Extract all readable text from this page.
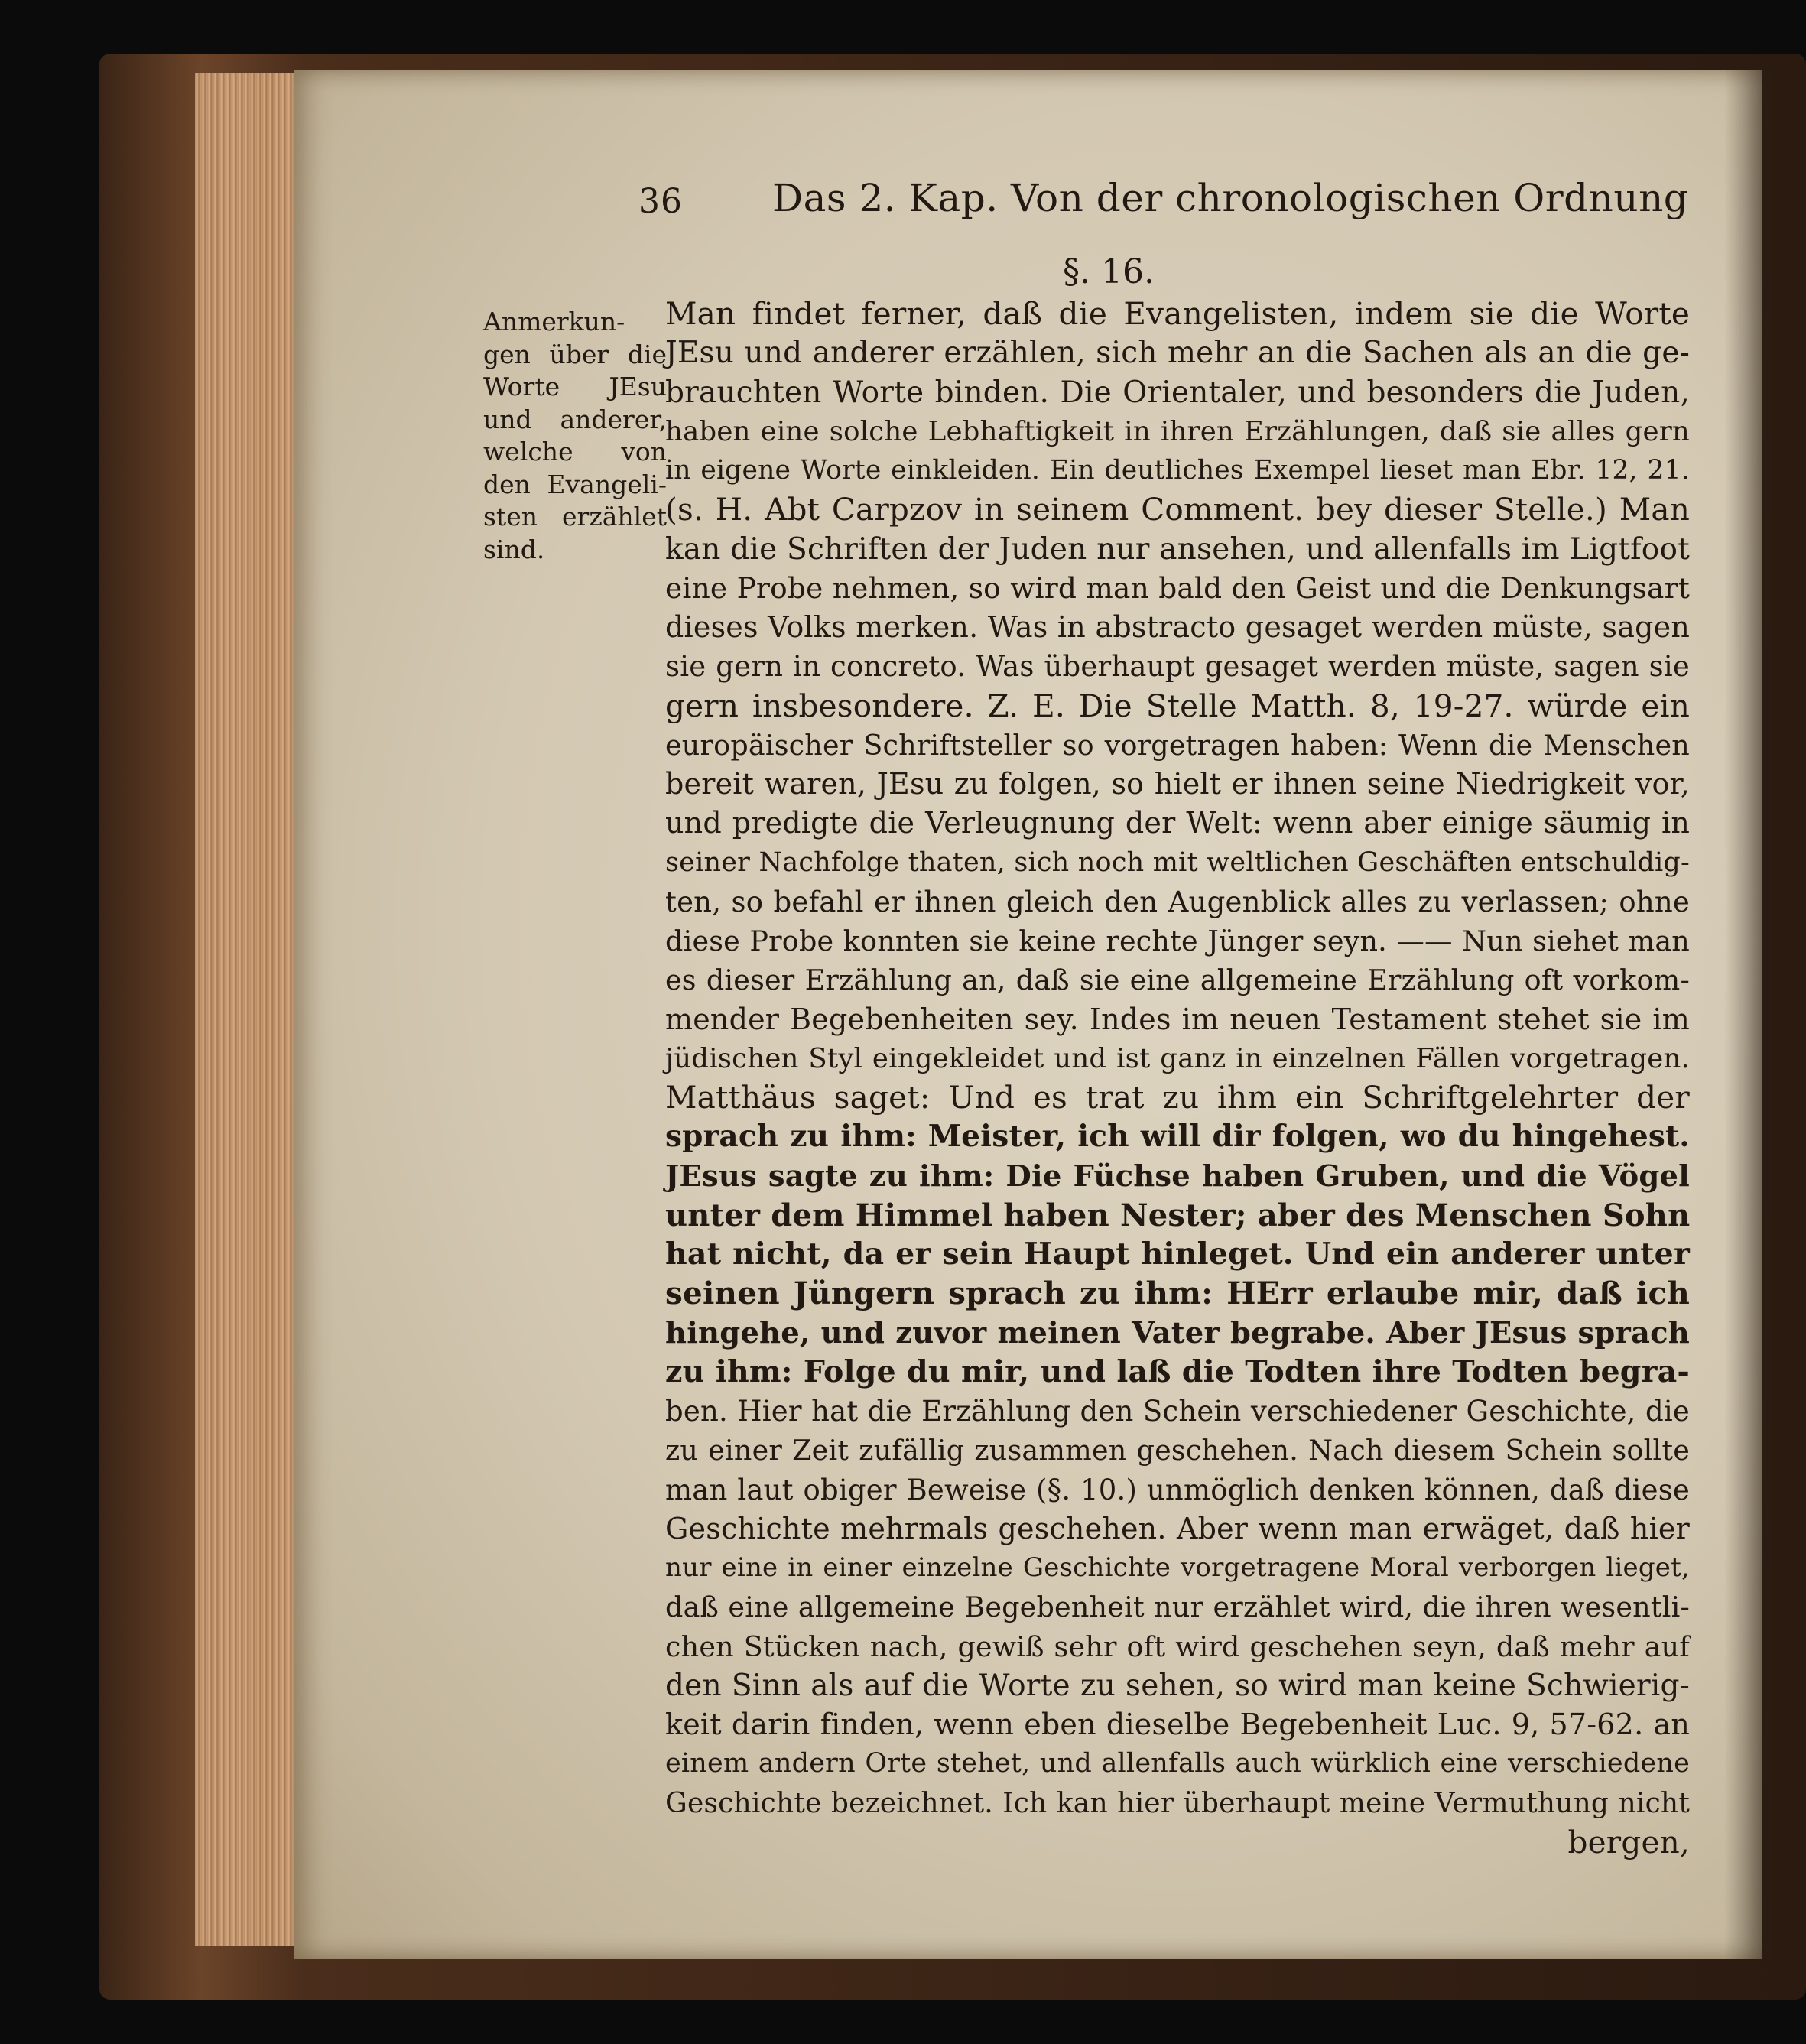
36 Das 2. Kap. Von der chronologischen Ordnung
§. 16.
Anmerkun-
gen über die
Worte JEsu
und anderer,
welche von
den Evangeli-
sten erzählet
sind.
Man findet ferner, daß die Evangelisten, indem sie die Worte
JEsu und anderer erzählen, sich mehr an die Sachen als an die ge-
brauchten Worte binden. Die Orientaler, und besonders die Juden,
haben eine solche Lebhaftigkeit in ihren Erzählungen, daß sie alles gern
in eigene Worte einkleiden. Ein deutliches Exempel lieset man Ebr. 12, 21.
(s. H. Abt Carpzov in seinem Comment. bey dieser Stelle.) Man
kan die Schriften der Juden nur ansehen, und allenfalls im Ligtfoot
eine Probe nehmen, so wird man bald den Geist und die Denkungsart
dieses Volks merken. Was in abstracto gesaget werden müste, sagen
sie gern in concreto. Was überhaupt gesaget werden müste, sagen sie
gern insbesondere. Z. E. Die Stelle Matth. 8, 19-27. würde ein
europäischer Schriftsteller so vorgetragen haben: Wenn die Menschen
bereit waren, JEsu zu folgen, so hielt er ihnen seine Niedrigkeit vor,
und predigte die Verleugnung der Welt: wenn aber einige säumig in
seiner Nachfolge thaten, sich noch mit weltlichen Geschäften entschuldig-
ten, so befahl er ihnen gleich den Augenblick alles zu verlassen; ohne
diese Probe konnten sie keine rechte Jünger seyn. —— Nun siehet man
es dieser Erzählung an, daß sie eine allgemeine Erzählung oft vorkom-
mender Begebenheiten sey. Indes im neuen Testament stehet sie im
jüdischen Styl eingekleidet und ist ganz in einzelnen Fällen vorgetragen.
Matthäus saget: Und es trat zu ihm ein Schriftgelehrter der
sprach zu ihm: Meister, ich will dir folgen, wo du hingehest.
JEsus sagte zu ihm: Die Füchse haben Gruben, und die Vögel
unter dem Himmel haben Nester; aber des Menschen Sohn
hat nicht, da er sein Haupt hinleget. Und ein anderer unter
seinen Jüngern sprach zu ihm: HErr erlaube mir, daß ich
hingehe, und zuvor meinen Vater begrabe. Aber JEsus sprach
zu ihm: Folge du mir, und laß die Todten ihre Todten begra-
ben. Hier hat die Erzählung den Schein verschiedener Geschichte, die
zu einer Zeit zufällig zusammen geschehen. Nach diesem Schein sollte
man laut obiger Beweise (§. 10.) unmöglich denken können, daß diese
Geschichte mehrmals geschehen. Aber wenn man erwäget, daß hier
nur eine in einer einzelne Geschichte vorgetragene Moral verborgen lieget,
daß eine allgemeine Begebenheit nur erzählet wird, die ihren wesentli-
chen Stücken nach, gewiß sehr oft wird geschehen seyn, daß mehr auf
den Sinn als auf die Worte zu sehen, so wird man keine Schwierig-
keit darin finden, wenn eben dieselbe Begebenheit Luc. 9, 57-62. an
einem andern Orte stehet, und allenfalls auch würklich eine verschiedene
Geschichte bezeichnet. Ich kan hier überhaupt meine Vermuthung nicht
bergen,
